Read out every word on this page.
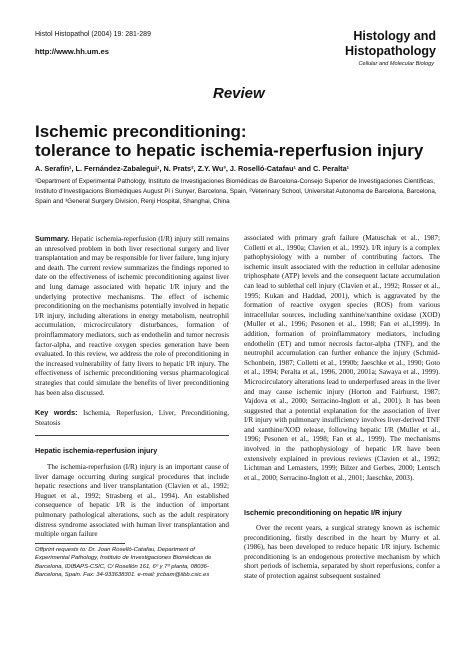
Histol Histopathol (2004) 19: 281-289
http://www.hh.um.es
Histology and
Histopathology
Cellular and Molecular Biology
Review
Ischemic preconditioning:
tolerance to hepatic ischemia-reperfusion injury
A. Serafín¹, L. Fernández-Zabalegui¹, N. Prats², Z.Y. Wu³, J. Roselló-Catafau¹ and C. Peralta¹
¹Department of Experimental Pathology, Instituto de Investigaciones Biomédicas de Barcelona-Consejo Superior de Investigaciones Científicas, Instituto d'Investigacions Biomèdiques August Pi i Sunyer, Barcelona, Spain, ²Veterinary School, Universitat Autonoma de Barcelona, Barcelona, Spain and ³General Surgery Division, Renji Hospital, Shanghai, China
Summary. Hepatic ischemia-reperfusion (I/R) injury still remains an unresolved problem in both liver resectional surgery and liver transplantation and may be responsible for liver failure, lung injury and death. The current review summarizes the findings reported to date on the effectiveness of ischemic preconditioning against liver and lung damage associated with hepatic I/R injury and the underlying protective mechanisms. The effect of ischemic preconditioning on the mechanisms potentially involved in hepatic I/R injury, including alterations in energy metabolism, neutrophil accumulation, microcirculatory disturbances, formation of proinflammatory mediators, such as endothelin and tumor necrosis factor-alpha, and reactive oxygen species generation have been evaluated. In this review, we address the role of preconditioning in the increased vulnerability of fatty livers to hepatic I/R injury. The effectiveness of ischemic preconditioning versus pharmacological strategies that could simulate the benefits of liver preconditioning has been also discussed.
Key words: Ischemia, Reperfusion, Liver, Preconditioning, Steatosis
Hepatic ischemia-reperfusion injury
The ischemia-reperfusion (I/R) injury is an important cause of liver damage occurring during surgical procedures that include hepatic resections and liver transplantation (Clavien et al., 1992; Huguet et al., 1992; Strasberg et al., 1994). An established consequence of hepatic I/R is the induction of important pulmonary pathological alterations, such as the adult respiratory distress syndrome associated with human liver transplantation and multiple organ failure
Offprint requests to: Dr. Joan Roselló-Catafau, Department of Experimental Pathology, Instituto de Investigaciones Biomédicas de Barcelona, IDIBAPS-CSIC, C/ Rosellón 161, 6º y 7º planta, 08036-Barcelona, Spain. Fax: 34-933638301. e-mail: jrcbam@iibb.csic.es
associated with primary graft failure (Matuschak et al., 1987; Colletti et al., 1990a; Clavien et al., 1992). I/R injury is a complex pathophysiology with a number of contributing factors. The ischemic insult associated with the reduction in cellular adenosine triphosphate (ATP) levels and the consequent lactate accumulation can lead to sublethal cell injury (Clavien et al., 1992; Rosser et al., 1995; Kukan and Haddad, 2001), which is aggravated by the formation of reactive oxygen species (ROS) from various intracellular sources, including xanthine/xanthine oxidase (XOD) (Muller et al., 1996; Pesonen et al., 1998; Fan et al.,1999). In addition, formation of proinflammatory mediators, including endothelin (ET) and tumor necrosis factor-alpha (TNF), and the neutrophil accumulation can further enhance the injury (Schmid-Schonbein, 1987; Colletti et al., 1990b; Jaeschke et al., 1990; Goto et al., 1994; Peralta et al., 1996, 2000, 2001a; Sawaya et al., 1999). Microcirculatory alterations lead to underperfused areas in the liver and may cause ischemic injury (Horton and Fairhurst, 1987; Vajdova et al., 2000; Serracino-Inglott et al., 2001). It has been suggested that a potential explanation for the association of liver I/R injury with pulmonary insufficiency involves liver-derived TNF and xanthine/XOD release, following hepatic I/R (Muller et al., 1996; Pesonen et al., 1998; Fan et al., 1999). The mechanisms involved in the pathophysiology of hepatic I/R have been extensively explained in previous reviews (Clavien et al., 1992; Lichtman and Lemasters, 1999; Bilzer and Gerbes, 2000; Lentsch et al., 2000; Serracino-Inglott et al., 2001; Jaeschke, 2003).
Ischemic preconditioning on hepatic I/R injury
Over the recent years, a surgical strategy known as ischemic preconditioning, firstly described in the heart by Murry et al. (1986), has been developed to reduce hepatic I/R injury. Ischemic preconditioning is an endogenous protective mechanism by which short periods of ischemia, separated by short reperfusions, confer a state of protection against subsequent sustained
